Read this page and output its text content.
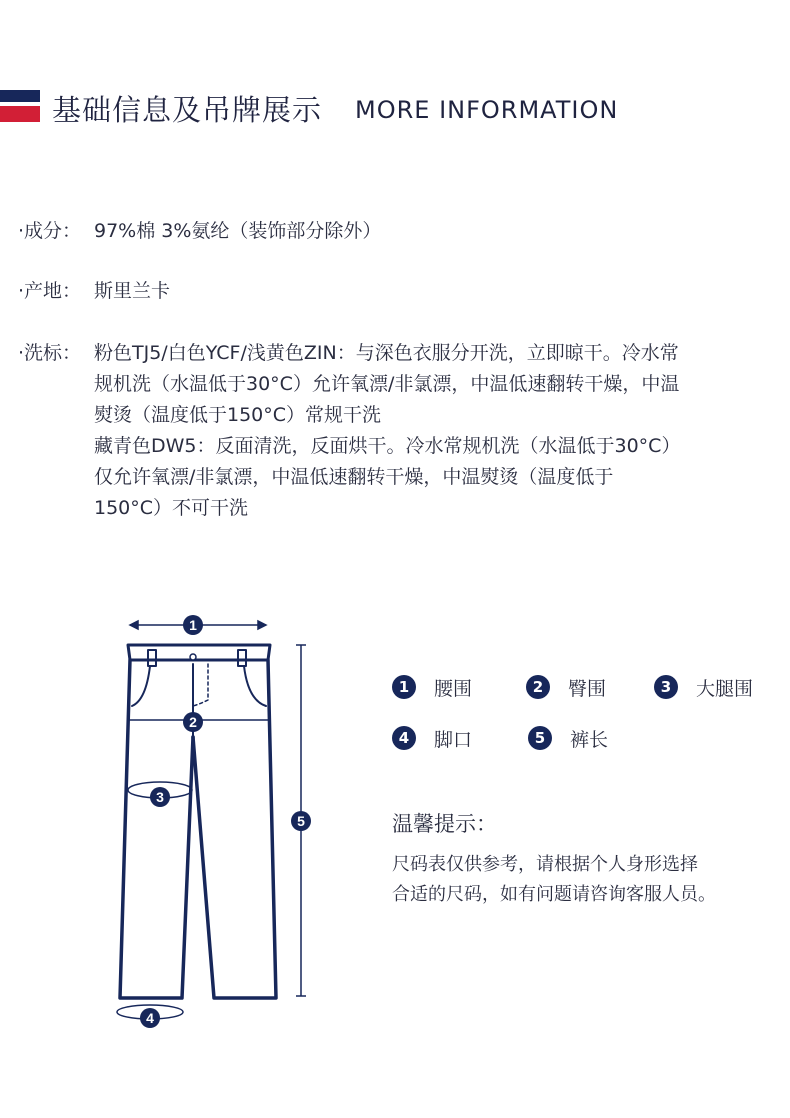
基础信息及吊牌展示 MORE INFORMATION
·成分： 97%棉 3%氨纶（装饰部分除外）
·产地： 斯里兰卡
·洗标： 粉色TJ5/白色YCF/浅黄色ZIN：与深色衣服分开洗，立即晾干。冷水常
规机洗（水温低于30°C）允许氧漂/非氯漂，中温低速翻转干燥，中温
熨烫（温度低于150°C）常规干洗
藏青色DW5：反面清洗，反面烘干。冷水常规机洗（水温低于30°C）
仅允许氧漂/非氯漂，中温低速翻转干燥，中温熨烫（温度低于
150°C）不可干洗
1
2
3
4
5
1	腰围	2	臀围	3	大腿围
4	脚口	5	裤长
温馨提示：
尺码表仅供参考，请根据个人身形选择
合适的尺码，如有问题请咨询客服人员。
